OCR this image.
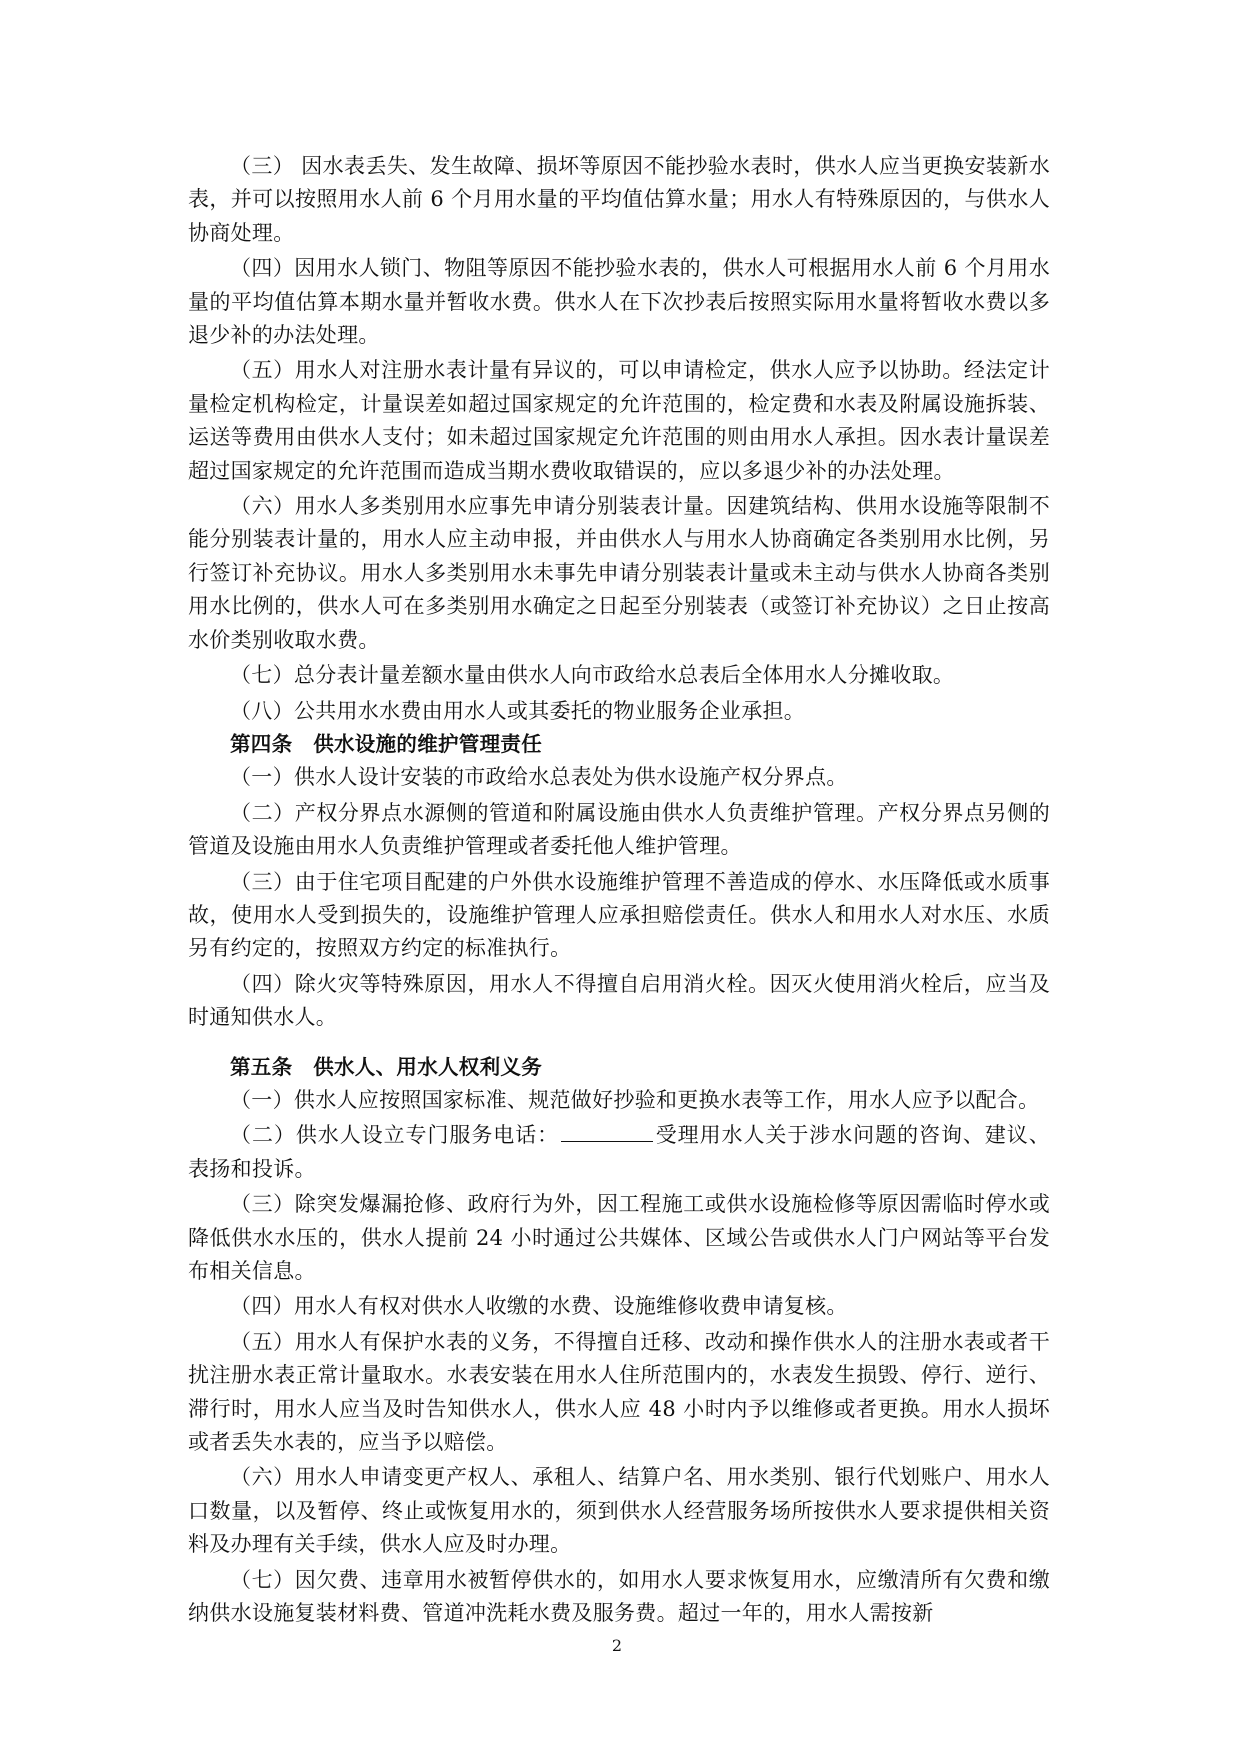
（三） 因水表丢失、发生故障、损坏等原因不能抄验水表时，供水人应当更换安装新水表，并可以按照用水人前 6 个月用水量的平均值估算水量；用水人有特殊原因的，与供水人协商处理。

（四）因用水人锁门、物阻等原因不能抄验水表的，供水人可根据用水人前 6 个月用水量的平均值估算本期水量并暂收水费。供水人在下次抄表后按照实际用水量将暂收水费以多退少补的办法处理。

（五）用水人对注册水表计量有异议的，可以申请检定，供水人应予以协助。经法定计量检定机构检定，计量误差如超过国家规定的允许范围的，检定费和水表及附属设施拆装、运送等费用由供水人支付；如未超过国家规定允许范围的则由用水人承担。因水表计量误差超过国家规定的允许范围而造成当期水费收取错误的，应以多退少补的办法处理。

（六）用水人多类别用水应事先申请分别装表计量。因建筑结构、供用水设施等限制不能分别装表计量的，用水人应主动申报，并由供水人与用水人协商确定各类别用水比例，另行签订补充协议。用水人多类别用水未事先申请分别装表计量或未主动与供水人协商各类别用水比例的，供水人可在多类别用水确定之日起至分别装表（或签订补充协议）之日止按高水价类别收取水费。

（七）总分表计量差额水量由供水人向市政给水总表后全体用水人分摊收取。

（八）公共用水水费由用水人或其委托的物业服务企业承担。

第四条　供水设施的维护管理责任

（一）供水人设计安装的市政给水总表处为供水设施产权分界点。

（二）产权分界点水源侧的管道和附属设施由供水人负责维护管理。产权分界点另侧的管道及设施由用水人负责维护管理或者委托他人维护管理。

（三）由于住宅项目配建的户外供水设施维护管理不善造成的停水、水压降低或水质事故，使用水人受到损失的，设施维护管理人应承担赔偿责任。供水人和用水人对水压、水质另有约定的，按照双方约定的标准执行。

（四）除火灾等特殊原因，用水人不得擅自启用消火栓。因灭火使用消火栓后，应当及时通知供水人。

第五条　供水人、用水人权利义务

（一）供水人应按照国家标准、规范做好抄验和更换水表等工作，用水人应予以配合。

（二）供水人设立专门服务电话：	受理用水人关于涉水问题的咨询、建议、表扬和投诉。

（三）除突发爆漏抢修、政府行为外，因工程施工或供水设施检修等原因需临时停水或降低供水水压的，供水人提前 24 小时通过公共媒体、区域公告或供水人门户网站等平台发布相关信息。

（四）用水人有权对供水人收缴的水费、设施维修收费申请复核。

（五）用水人有保护水表的义务，不得擅自迁移、改动和操作供水人的注册水表或者干扰注册水表正常计量取水。水表安装在用水人住所范围内的，水表发生损毁、停行、逆行、滞行时，用水人应当及时告知供水人，供水人应 48 小时内予以维修或者更换。用水人损坏或者丢失水表的，应当予以赔偿。

（六）用水人申请变更产权人、承租人、结算户名、用水类别、银行代划账户、用水人口数量，以及暂停、终止或恢复用水的，须到供水人经营服务场所按供水人要求提供相关资料及办理有关手续，供水人应及时办理。

（七）因欠费、违章用水被暂停供水的，如用水人要求恢复用水，应缴清所有欠费和缴纳供水设施复装材料费、管道冲洗耗水费及服务费。超过一年的，用水人需按新

2
